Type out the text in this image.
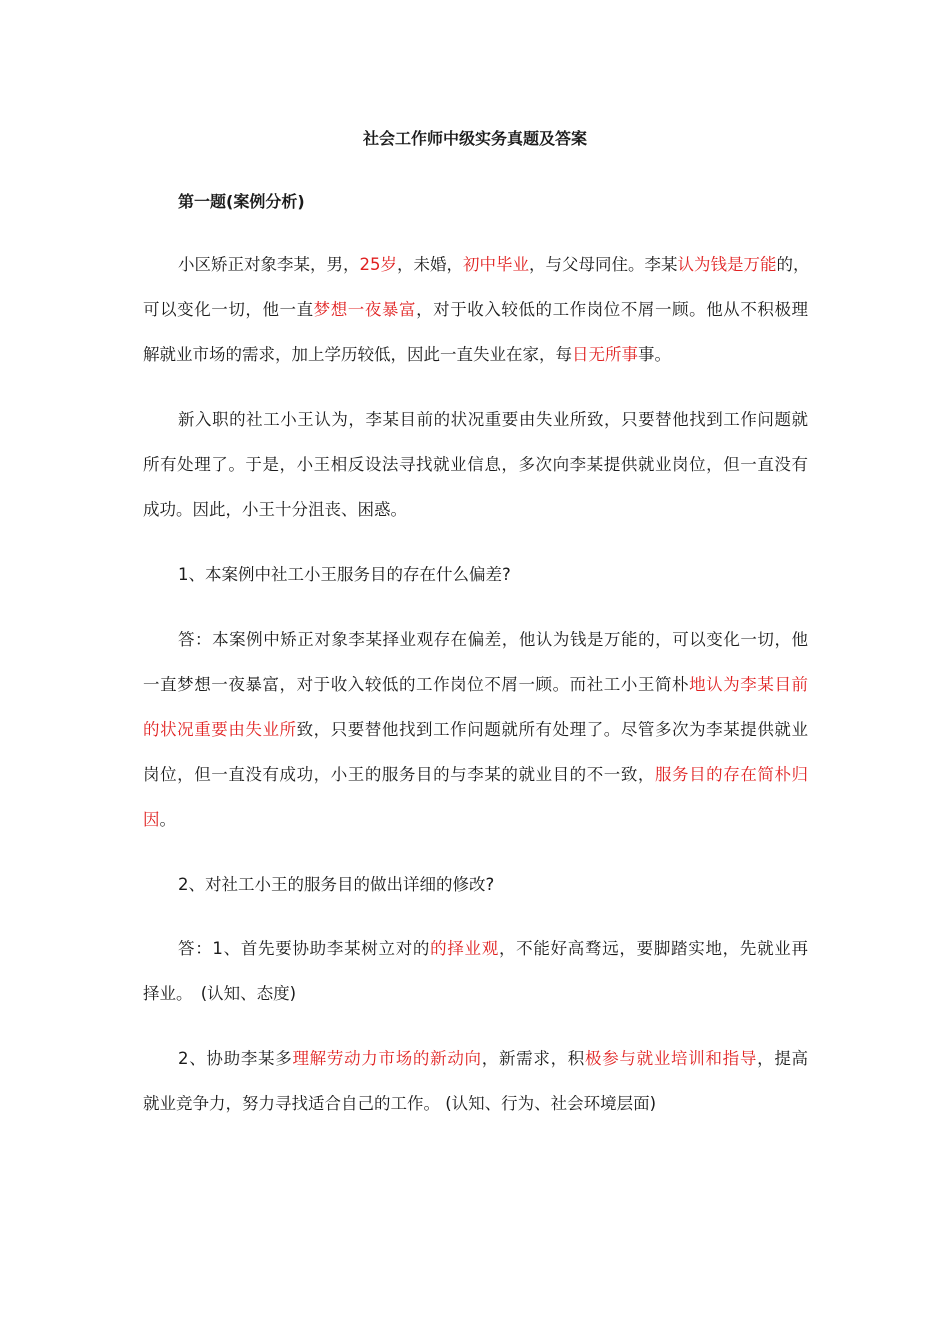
社会工作师中级实务真题及答案
第一题(案例分析)
小区矫正对象李某，男，25岁，未婚，初中毕业，与父母同住。李某认为钱是万能的，
可以变化一切，他一直梦想一夜暴富，对于收入较低的工作岗位不屑一顾。他从不积极理
解就业市场的需求，加上学历较低，因此一直失业在家，每日无所事事。
新入职的社工小王认为，李某目前的状况重要由失业所致，只要替他找到工作问题就
所有处理了。于是，小王相反设法寻找就业信息，多次向李某提供就业岗位，但一直没有
成功。因此，小王十分沮丧、困惑。
1、本案例中社工小王服务目的存在什么偏差?
答：本案例中矫正对象李某择业观存在偏差，他认为钱是万能的，可以变化一切，他
一直梦想一夜暴富，对于收入较低的工作岗位不屑一顾。而社工小王简朴地认为李某目前
的状况重要由失业所致，只要替他找到工作问题就所有处理了。尽管多次为李某提供就业
岗位，但一直没有成功，小王的服务目的与李某的就业目的不一致，服务目的存在简朴归
因。
2、对社工小王的服务目的做出详细的修改?
答：1、首先要协助李某树立对的的择业观，不能好高骛远，要脚踏实地，先就业再
择业。　(认知、态度)
2、协助李某多理解劳动力市场的新动向，新需求，积极参与就业培训和指导，提高
就业竞争力，努力寻找适合自己的工作。 (认知、行为、社会环境层面)
